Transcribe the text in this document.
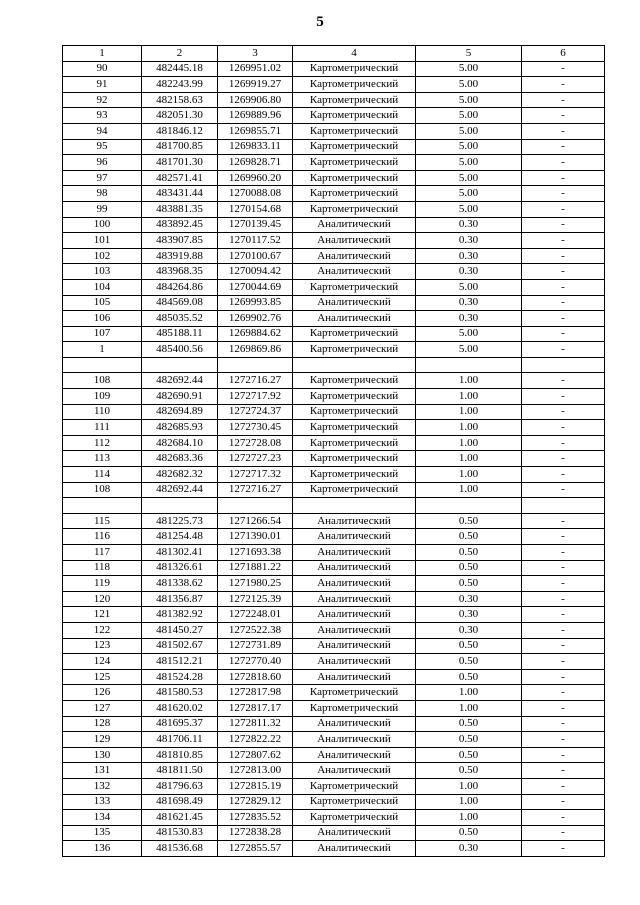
5
1	2	3	4	5	6
90	482445.18	1269951.02	Картометрический	5.00	-
91	482243.99	1269919.27	Картометрический	5.00	-
92	482158.63	1269906.80	Картометрический	5.00	-
93	482051.30	1269889.96	Картометрический	5.00	-
94	481846.12	1269855.71	Картометрический	5.00	-
95	481700.85	1269833.11	Картометрический	5.00	-
96	481701.30	1269828.71	Картометрический	5.00	-
97	482571.41	1269960.20	Картометрический	5.00	-
98	483431.44	1270088.08	Картометрический	5.00	-
99	483881.35	1270154.68	Картометрический	5.00	-
100	483892.45	1270139.45	Аналитический	0.30	-
101	483907.85	1270117.52	Аналитический	0.30	-
102	483919.88	1270100.67	Аналитический	0.30	-
103	483968.35	1270094.42	Аналитический	0.30	-
104	484264.86	1270044.69	Картометрический	5.00	-
105	484569.08	1269993.85	Аналитический	0.30	-
106	485035.52	1269902.76	Аналитический	0.30	-
107	485188.11	1269884.62	Картометрический	5.00	-
1	485400.56	1269869.86	Картометрический	5.00	-

108	482692.44	1272716.27	Картометрический	1.00	-
109	482690.91	1272717.92	Картометрический	1.00	-
110	482694.89	1272724.37	Картометрический	1.00	-
111	482685.93	1272730.45	Картометрический	1.00	-
112	482684.10	1272728.08	Картометрический	1.00	-
113	482683.36	1272727.23	Картометрический	1.00	-
114	482682.32	1272717.32	Картометрический	1.00	-
108	482692.44	1272716.27	Картометрический	1.00	-

115	481225.73	1271266.54	Аналитический	0.50	-
116	481254.48	1271390.01	Аналитический	0.50	-
117	481302.41	1271693.38	Аналитический	0.50	-
118	481326.61	1271881.22	Аналитический	0.50	-
119	481338.62	1271980.25	Аналитический	0.50	-
120	481356.87	1272125.39	Аналитический	0.30	-
121	481382.92	1272248.01	Аналитический	0.30	-
122	481450.27	1272522.38	Аналитический	0.30	-
123	481502.67	1272731.89	Аналитический	0.50	-
124	481512.21	1272770.40	Аналитический	0.50	-
125	481524.28	1272818.60	Аналитический	0.50	-
126	481580.53	1272817.98	Картометрический	1.00	-
127	481620.02	1272817.17	Картометрический	1.00	-
128	481695.37	1272811.32	Аналитический	0.50	-
129	481706.11	1272822.22	Аналитический	0.50	-
130	481810.85	1272807.62	Аналитический	0.50	-
131	481811.50	1272813.00	Аналитический	0.50	-
132	481796.63	1272815.19	Картометрический	1.00	-
133	481698.49	1272829.12	Картометрический	1.00	-
134	481621.45	1272835.52	Картометрический	1.00	-
135	481530.83	1272838.28	Аналитический	0.50	-
136	481536.68	1272855.57	Аналитический	0.30	-
